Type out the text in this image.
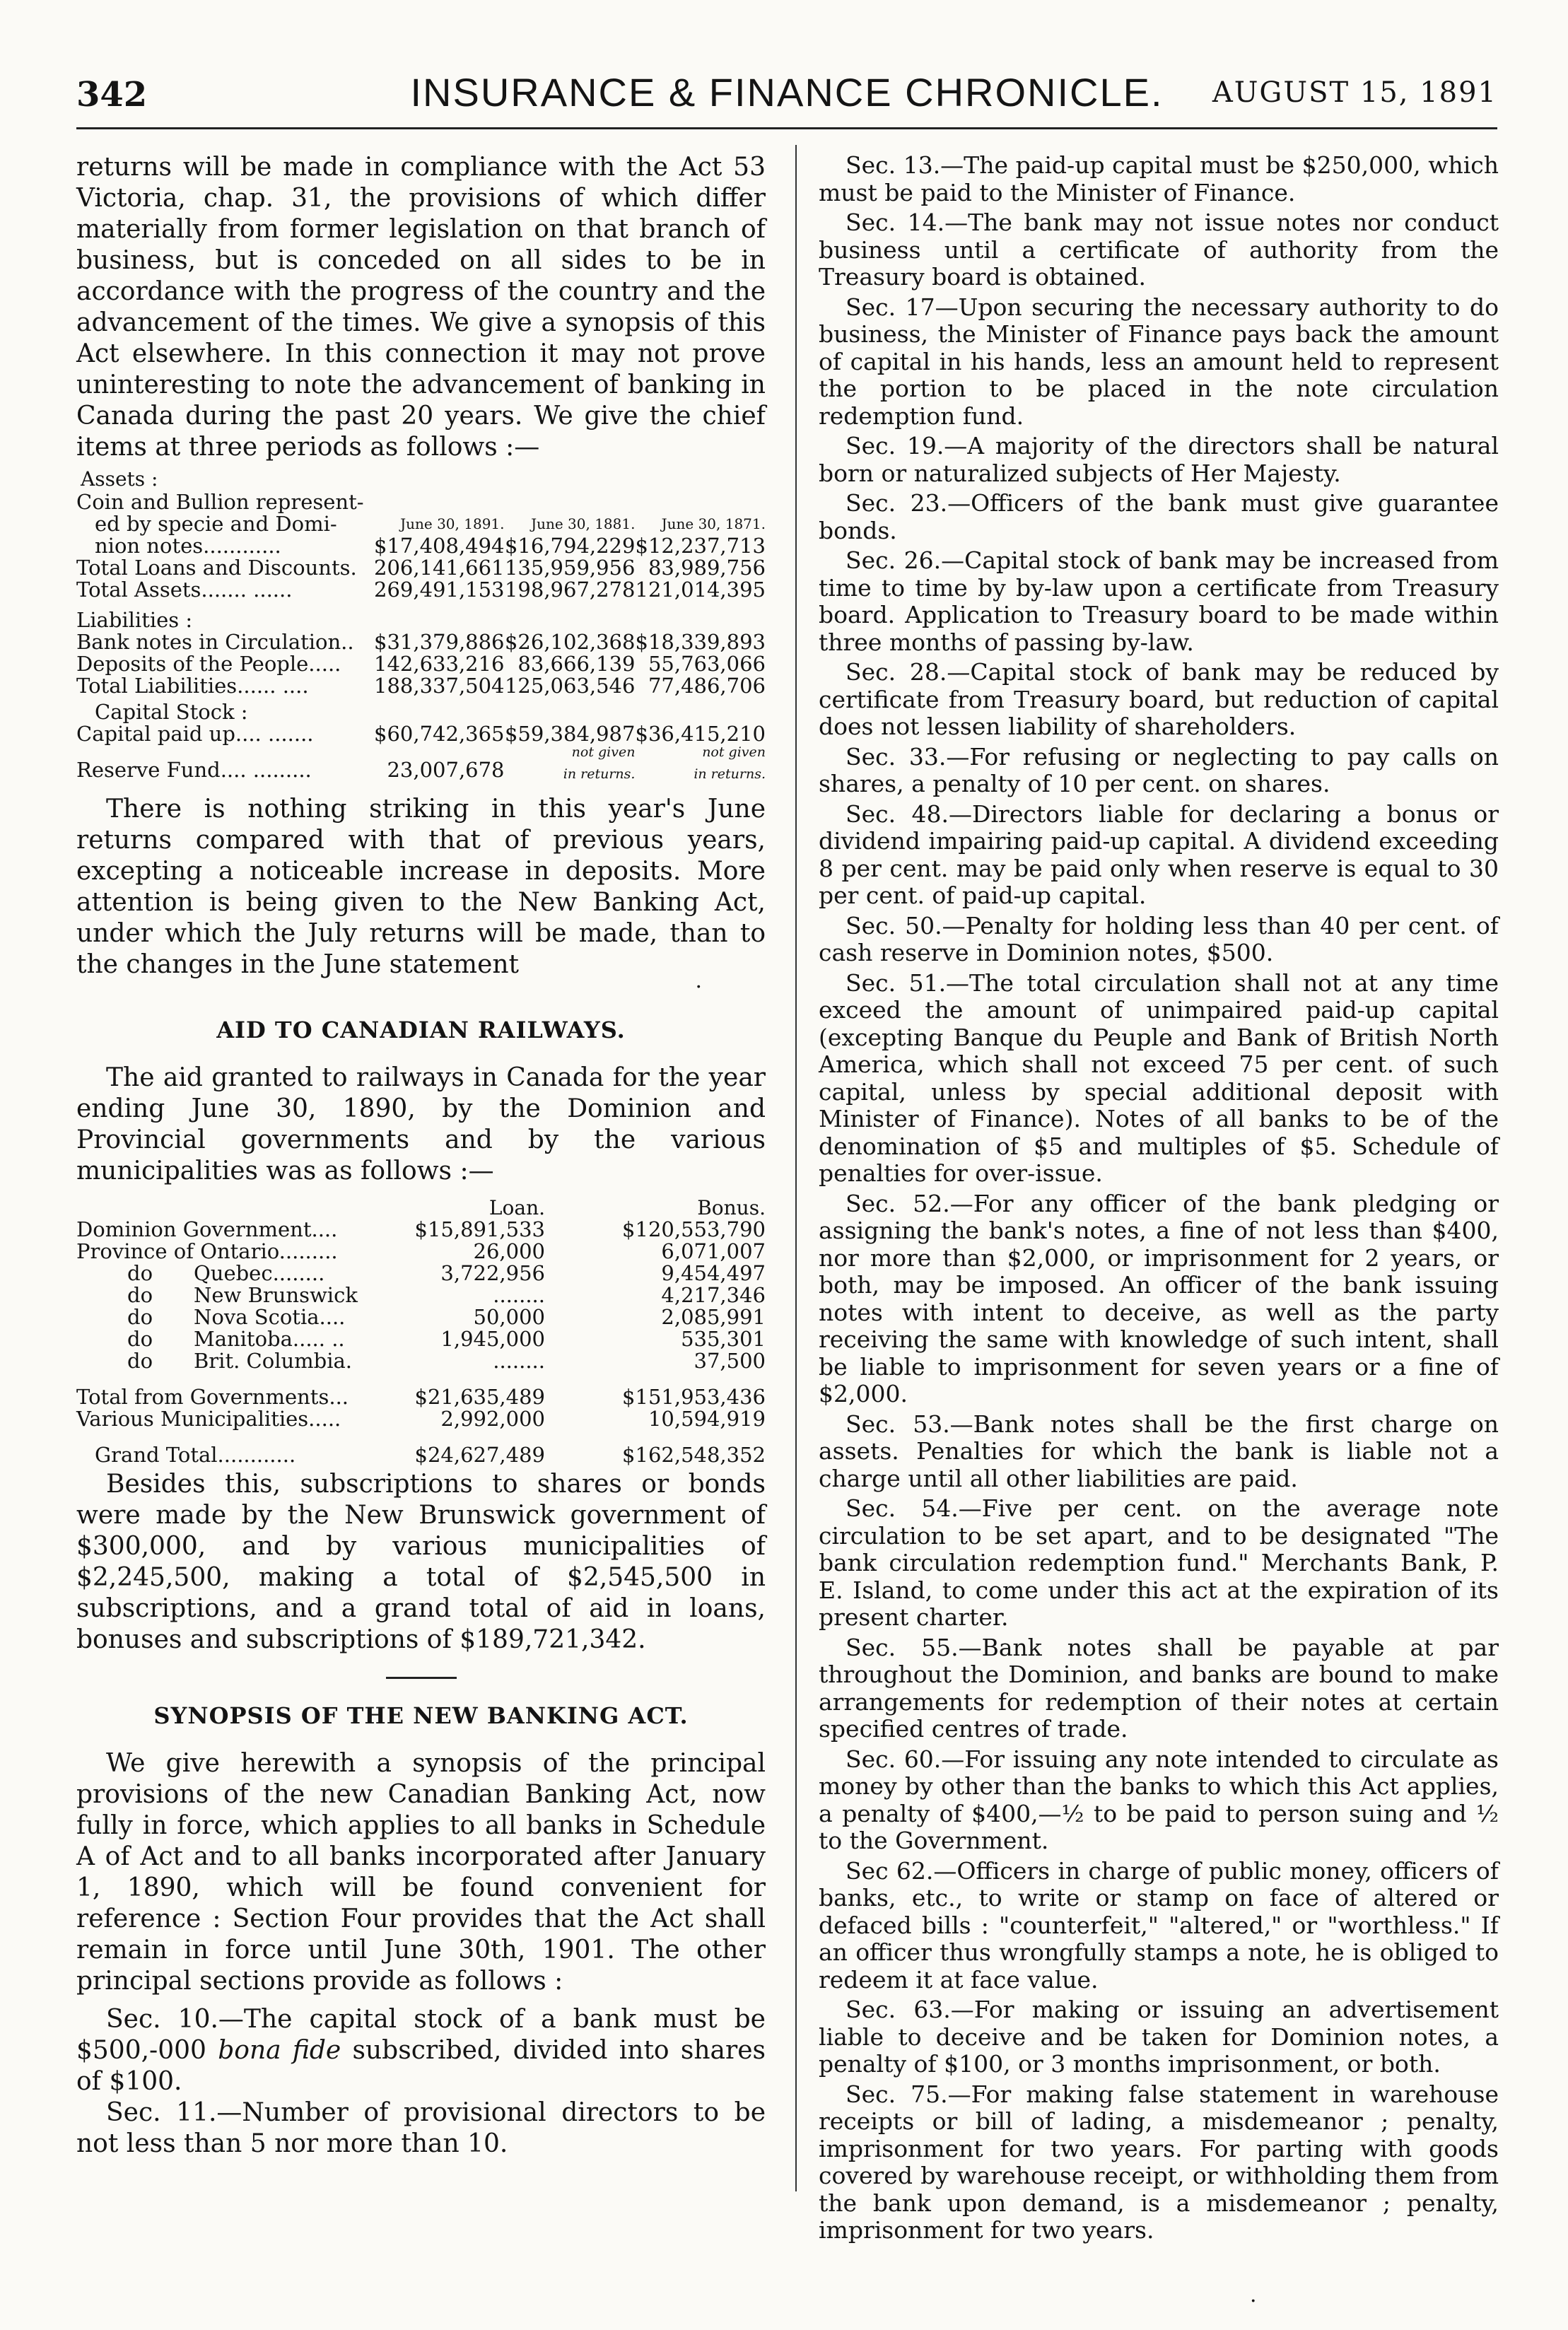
342	INSURANCE & FINANCE CHRONICLE.	AUGUST 15, 1891

returns will be made in compliance with the Act 53 Victoria, chap. 31, the provisions of which differ materially from former legislation on that branch of business, but is conceded on all sides to be in accordance with the progress of the country and the advancement of the times. We give a synopsis of this Act elsewhere. In this connection it may not prove uninteresting to note the advancement of banking in Canada during the past 20 years. We give the chief items at three periods as follows :—

Assets :
Coin and Bullion represent-			
ed by specie and Domi-	June 30, 1891.	June 30, 1881.	June 30, 1871.
nion notes............	$17,408,494	$16,794,229	$12,237,713
Total Loans and Discounts.	206,141,661	135,959,956	83,989,756
Total Assets....... ......	269,491,153	198,967,278	121,014,395
Liabilities :			
Bank notes in Circulation..	$31,379,886	$26,102,368	$18,339,893
Deposits of the People.....	142,633,216	83,666,139	55,763,066
Total Liabilities...... ....	188,337,504	125,063,546	77,486,706
Capital Stock :			
Capital paid up.... .......	$60,742,365	$59,384,987	$36,415,210
		not given	not given
Reserve Fund.... .........	23,007,678	in returns.	in returns.

There is nothing striking in this year's June returns compared with that of previous years, excepting a noticeable increase in deposits. More attention is being given to the New Banking Act, under which the July returns will be made, than to the changes in the June statement

·
AID TO CANADIAN RAILWAYS.

The aid granted to railways in Canada for the year ending June 30, 1890, by the Dominion and Provincial governments and by the various municipalities was as follows :—

	Loan.	Bonus.
Dominion Government....	$15,891,533	$120,553,790
Province of Ontario.........	26,000	6,071,007
do Quebec........	3,722,956	9,454,497
do New Brunswick	........	4,217,346
do Nova Scotia....	50,000	2,085,991
do Manitoba..... ..	1,945,000	535,301
do Brit. Columbia.	........	37,500

Total from Governments...	$21,635,489	$151,953,436
Various Municipalities.....	2,992,000	10,594,919

Grand Total............	$24,627,489	$162,548,352

Besides this, subscriptions to shares or bonds were made by the New Brunswick government of $300,000, and by various municipalities of $2,245,500, making a total of $2,545,500 in subscriptions, and a grand total of aid in loans, bonuses and subscriptions of $189,721,342.

SYNOPSIS OF THE NEW BANKING ACT.

We give herewith a synopsis of the principal provisions of the new Canadian Banking Act, now fully in force, which applies to all banks in Schedule A of Act and to all banks incorporated after January 1, 1890, which will be found convenient for reference : Section Four provides that the Act shall remain in force until June 30th, 1901. The other principal sections provide as follows :

Sec. 10.—The capital stock of a bank must be $500,-000 bona fide subscribed, divided into shares of $100.

Sec. 11.—Number of provisional directors to be not less than 5 nor more than 10.

Sec. 13.—The paid-up capital must be $250,000, which must be paid to the Minister of Finance.

Sec. 14.—The bank may not issue notes nor conduct business until a certificate of authority from the Treasury board is obtained.

Sec. 17—Upon securing the necessary authority to do business, the Minister of Finance pays back the amount of capital in his hands, less an amount held to represent the portion to be placed in the note circulation redemption fund.

Sec. 19.—A majority of the directors shall be natural born or naturalized subjects of Her Majesty.

Sec. 23.—Officers of the bank must give guarantee bonds.

Sec. 26.—Capital stock of bank may be increased from time to time by by-law upon a certificate from Treasury board. Application to Treasury board to be made within three months of passing by-law.

Sec. 28.—Capital stock of bank may be reduced by certificate from Treasury board, but reduction of capital does not lessen liability of shareholders.

Sec. 33.—For refusing or neglecting to pay calls on shares, a penalty of 10 per cent. on shares.

Sec. 48.—Directors liable for declaring a bonus or dividend impairing paid-up capital. A dividend exceeding 8 per cent. may be paid only when reserve is equal to 30 per cent. of paid-up capital.

Sec. 50.—Penalty for holding less than 40 per cent. of cash reserve in Dominion notes, $500.

Sec. 51.—The total circulation shall not at any time exceed the amount of unimpaired paid-up capital (excepting Banque du Peuple and Bank of British North America, which shall not exceed 75 per cent. of such capital, unless by special additional deposit with Minister of Finance). Notes of all banks to be of the denomination of $5 and multiples of $5. Schedule of penalties for over-issue.

Sec. 52.—For any officer of the bank pledging or assigning the bank's notes, a fine of not less than $400, nor more than $2,000, or imprisonment for 2 years, or both, may be imposed. An officer of the bank issuing notes with intent to deceive, as well as the party receiving the same with knowledge of such intent, shall be liable to imprisonment for seven years or a fine of $2,000.

Sec. 53.—Bank notes shall be the first charge on assets. Penalties for which the bank is liable not a charge until all other liabilities are paid.

Sec. 54.—Five per cent. on the average note circulation to be set apart, and to be designated "The bank circulation redemption fund." Merchants Bank, P. E. Island, to come under this act at the expiration of its present charter.

Sec. 55.—Bank notes shall be payable at par throughout the Dominion, and banks are bound to make arrangements for redemption of their notes at certain specified centres of trade.

Sec. 60.—For issuing any note intended to circulate as money by other than the banks to which this Act applies, a penalty of $400,—½ to be paid to person suing and ½ to the Government.

Sec 62.—Officers in charge of public money, officers of banks, etc., to write or stamp on face of altered or defaced bills : "counterfeit," "altered," or "worthless." If an officer thus wrongfully stamps a note, he is obliged to redeem it at face value.

Sec. 63.—For making or issuing an advertisement liable to deceive and be taken for Dominion notes, a penalty of $100, or 3 months imprisonment, or both.

Sec. 75.—For making false statement in warehouse receipts or bill of lading, a misdemeanor ; penalty, imprisonment for two years. For parting with goods covered by warehouse receipt, or withholding them from the bank upon demand, is a misdemeanor ; penalty, imprisonment for two years.

·
